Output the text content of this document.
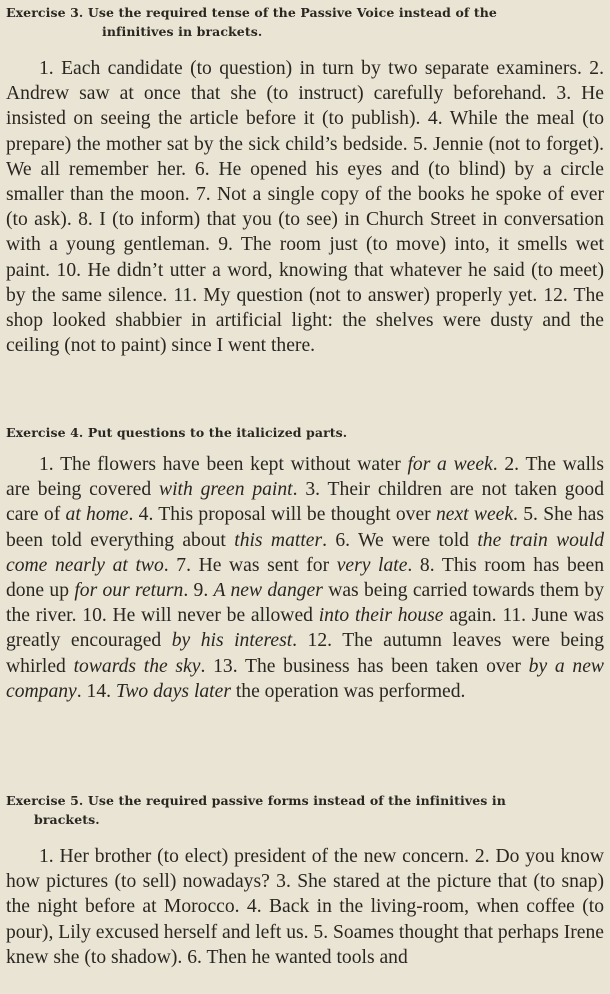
Exercise 3. Use the required tense of the Passive Voice instead of the
infinitives in brackets.
1. Each candidate (to question) in turn by two separate examiners. 2. Andrew saw at once that she (to instruct) carefully beforehand. 3. He insisted on seeing the article before it (to publish). 4. While the meal (to prepare) the mother sat by the sick child’s bedside. 5. Jennie (not to forget). We all remember her. 6. He opened his eyes and (to blind) by a circle smaller than the moon. 7. Not a single copy of the books he spoke of ever (to ask). 8. I (to inform) that you (to see) in Church Street in conversation with a young gentleman. 9. The room just (to move) into, it smells wet paint. 10. He didn’t utter a word, knowing that whatever he said (to meet) by the same silence. 11. My question (not to answer) properly yet. 12. The shop looked shabbier in artificial light: the shelves were dusty and the ceiling (not to paint) since I went there.
Exercise 4. Put questions to the italicized parts.
1. The flowers have been kept without water for a week. 2. The walls are being covered with green paint. 3. Their children are not taken good care of at home. 4. This proposal will be thought over next week. 5. She has been told everything about this matter. 6. We were told the train would come nearly at two. 7. He was sent for very late. 8. This room has been done up for our return. 9. A new danger was being carried towards them by the river. 10. He will never be allowed into their house again. 11. June was greatly encouraged by his interest. 12. The autumn leaves were being whirled towards the sky. 13. The business has been taken over by a new company. 14. Two days later the operation was performed.
Exercise 5. Use the required passive forms instead of the infinitives in
brackets.
1. Her brother (to elect) president of the new concern. 2. Do you know how pictures (to sell) nowadays? 3. She stared at the picture that (to snap) the night before at Morocco. 4. Back in the living-room, when coffee (to pour), Lily excused herself and left us. 5. Soames thought that perhaps Irene knew she (to shadow). 6. Then he wanted tools and
